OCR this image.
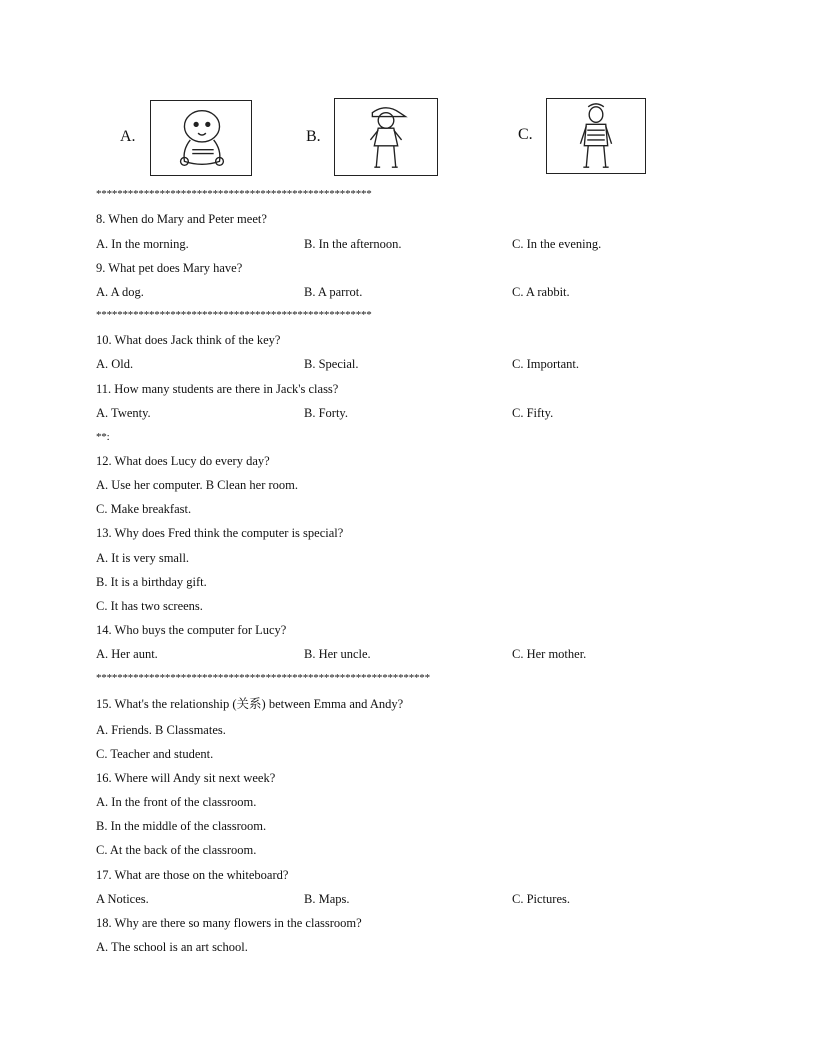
A.	B.	C.
****************************************************
8. When do Mary and Peter meet?
A. In the morning.	B. In the afternoon.	C. In the evening.
9. What pet does Mary have?
A. A dog.	B. A parrot.	C. A rabbit.
****************************************************
10. What does Jack think of the key?
A. Old.	B. Special.	C. Important.
11. How many students are there in Jack's class?
A. Twenty.	B. Forty.	C. Fifty.
**:
12. What does Lucy do every day?
A. Use her computer. B Clean her room.
C. Make breakfast.
13. Why does Fred think the computer is special?
A. It is very small.
B. It is a birthday gift.
C. It has two screens.
14. Who buys the computer for Lucy?
A. Her aunt.	B. Her uncle.	C. Her mother.
***************************************************************
15. What's the relationship (关系) between Emma and Andy?
A. Friends. B Classmates.
C. Teacher and student.
16. Where will Andy sit next week?
A. In the front of the classroom.
B. In the middle of the classroom.
C. At the back of the classroom.
17. What are those on the whiteboard?
A Notices.	B. Maps.	C. Pictures.
18. Why are there so many flowers in the classroom?
A. The school is an art school.
